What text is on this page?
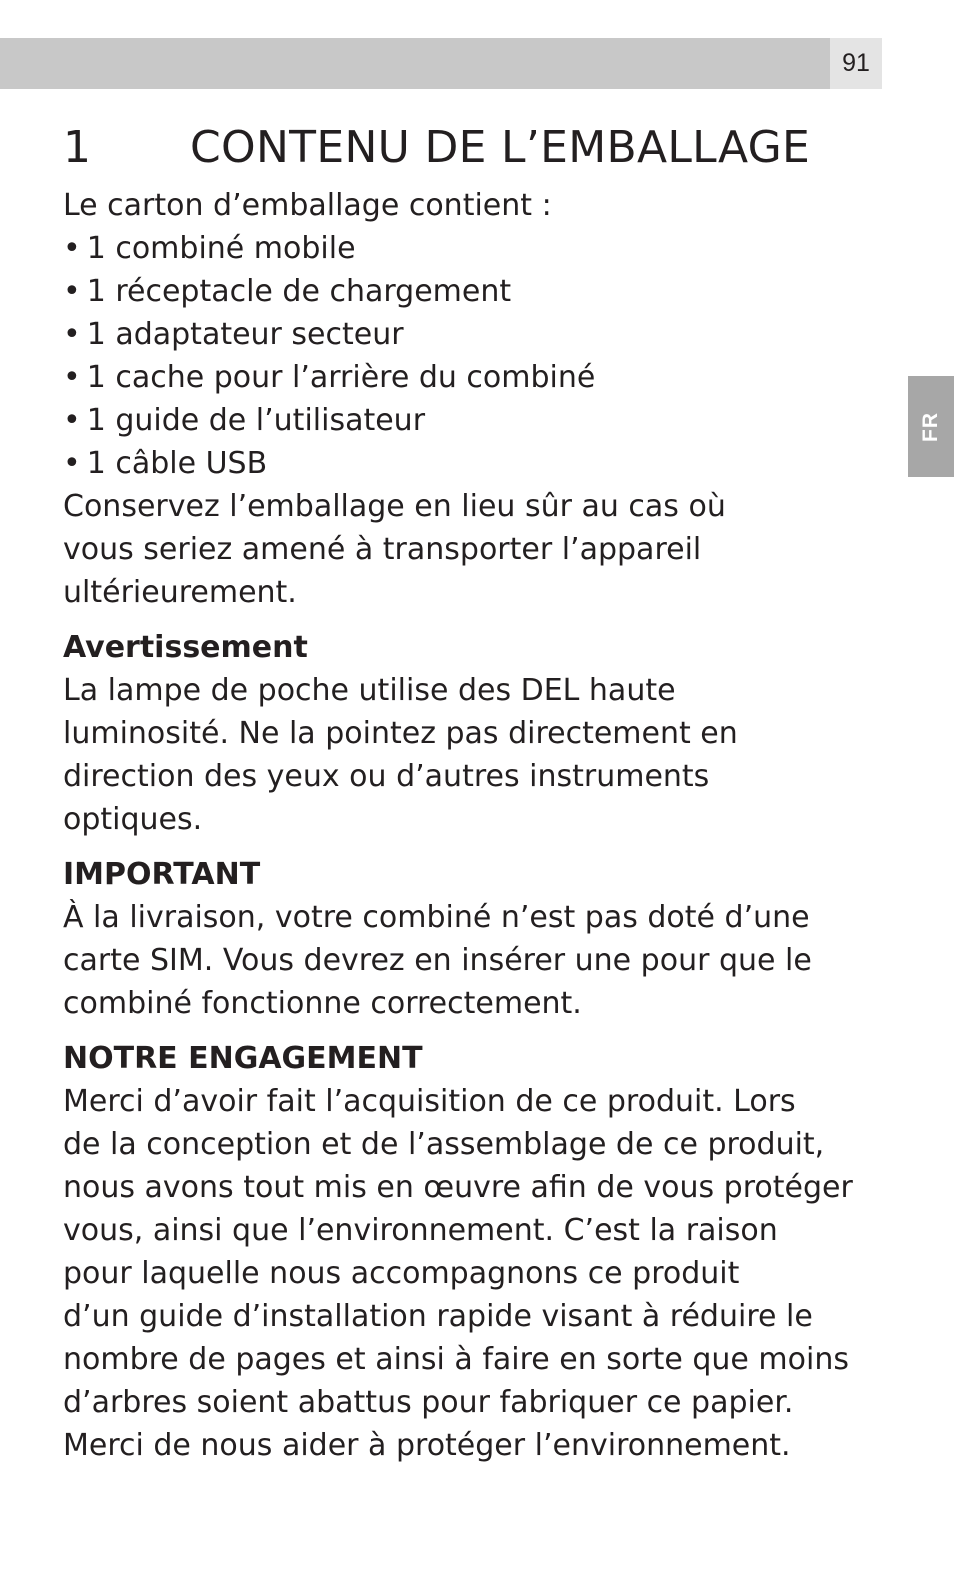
91
FR
1	CONTENU DE L’EMBALLAGE

Le carton d’emballage contient :

• 1 combiné mobile
• 1 réceptacle de chargement
• 1 adaptateur secteur
• 1 cache pour l’arrière du combiné
• 1 guide de l’utilisateur
• 1 câble USB

Conservez l’emballage en lieu sûr au cas où
vous seriez amené à transporter l’appareil
ultérieurement.

Avertissement

La lampe de poche utilise des DEL haute
luminosité. Ne la pointez pas directement en
direction des yeux ou d’autres instruments
optiques.

IMPORTANT

À la livraison, votre combiné n’est pas doté d’une
carte SIM. Vous devrez en insérer une pour que le
combiné fonctionne correctement.

NOTRE ENGAGEMENT

Merci d’avoir fait l’acquisition de ce produit. Lors
de la conception et de l’assemblage de ce produit,
nous avons tout mis en œuvre afin de vous protéger
vous, ainsi que l’environnement. C’est la raison
pour laquelle nous accompagnons ce produit
d’un guide d’installation rapide visant à réduire le
nombre de pages et ainsi à faire en sorte que moins
d’arbres soient abattus pour fabriquer ce papier.
Merci de nous aider à protéger l’environnement.
